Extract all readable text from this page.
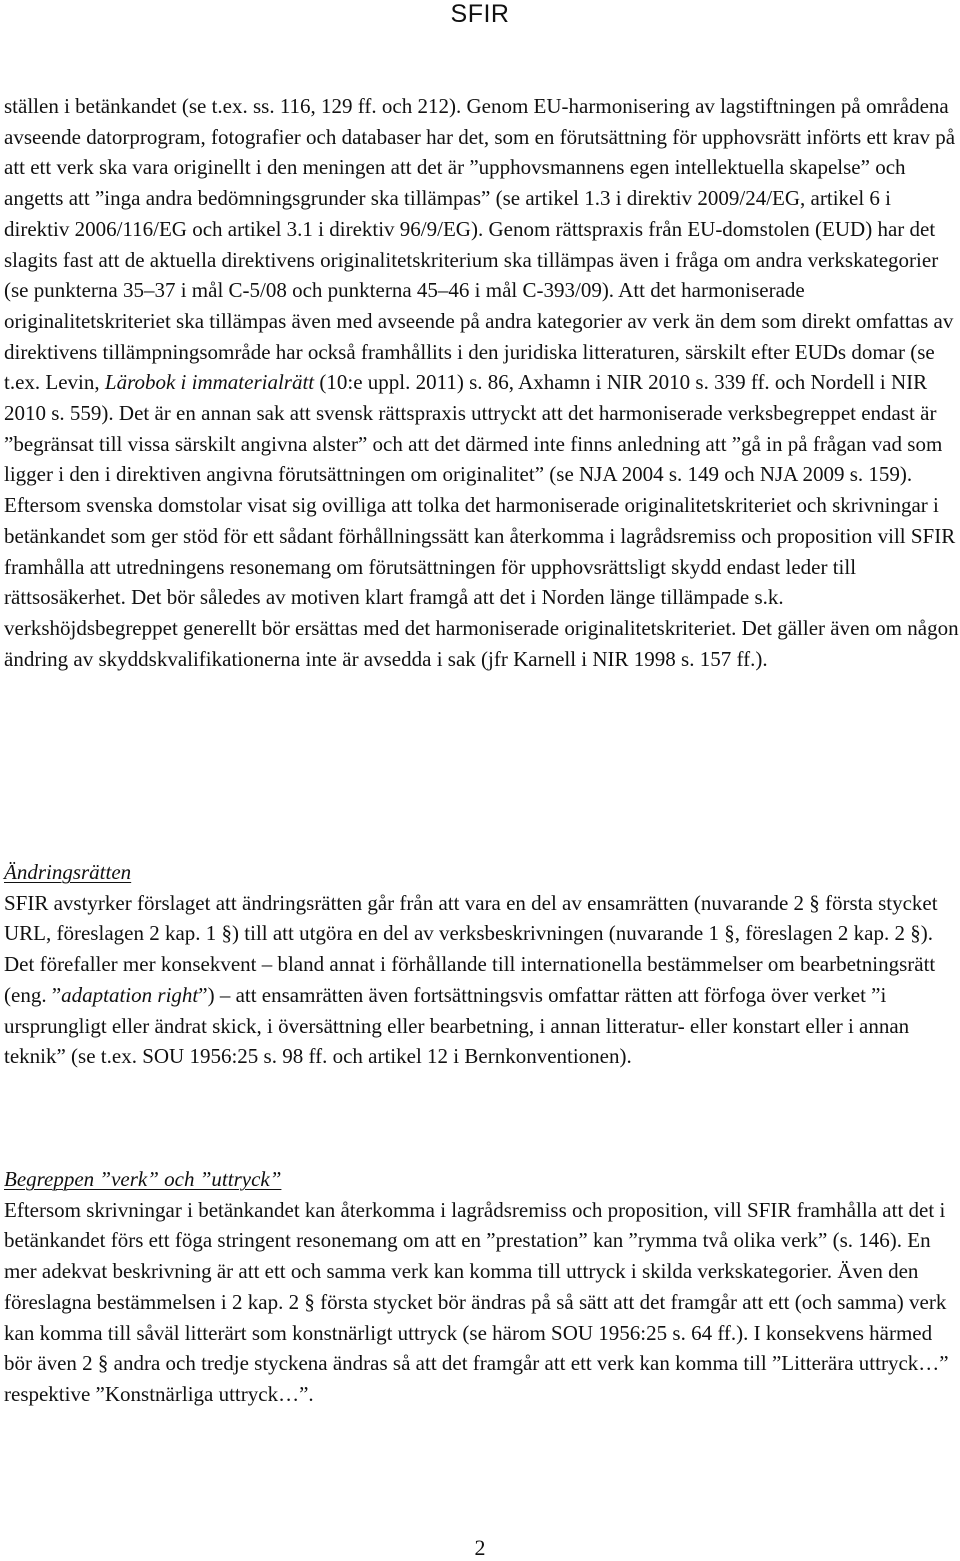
SFIR

ställen i betänkandet (se t.ex. ss. 116, 129 ff. och 212). Genom EU-harmonisering av lagstiftningen på områdena avseende datorprogram, fotografier och databaser har det, som en förutsättning för upphovsrätt införts ett krav på att ett verk ska vara originellt i den meningen att det är ”upphovsmannens egen intellektuella skapelse” och angetts att ”inga andra bedömningsgrunder ska tillämpas” (se artikel 1.3 i direktiv 2009/24/EG, artikel 6 i direktiv 2006/116/EG och artikel 3.1 i direktiv 96/9/EG). Genom rättspraxis från EU-domstolen (EUD) har det slagits fast att de aktuella direktivens originalitetskriterium ska tillämpas även i fråga om andra verkskategorier (se punkterna 35–37 i mål C-5/08 och punkterna 45–46 i mål C-393/09). Att det harmoniserade originalitetskriteriet ska tillämpas även med avseende på andra kategorier av verk än dem som direkt omfattas av direktivens tillämpningsområde har också framhållits i den juridiska litteraturen, särskilt efter EUDs domar (se t.ex. Levin, Lärobok i immaterialrätt (10:e uppl. 2011) s. 86, Axhamn i NIR 2010 s. 339 ff. och Nordell i NIR 2010 s. 559). Det är en annan sak att svensk rättspraxis uttryckt att det harmoniserade verksbegreppet endast är ”begränsat till vissa särskilt angivna alster” och att det därmed inte finns anledning att ”gå in på frågan vad som ligger i den i direktiven angivna förutsättningen om originalitet” (se NJA 2004 s. 149 och NJA 2009 s. 159). Eftersom svenska domstolar visat sig ovilliga att tolka det harmoniserade originalitetskriteriet och skrivningar i betänkandet som ger stöd för ett sådant förhållningssätt kan återkomma i lagrådsremiss och proposition vill SFIR framhålla att utredningens resonemang om förutsättningen för upphovsrättsligt skydd endast leder till rättsosäkerhet. Det bör således av motiven klart framgå att det i Norden länge tillämpade s.k. verkshöjdsbegreppet generellt bör ersättas med det harmoniserade originalitetskriteriet. Det gäller även om någon ändring av skyddskvalifikationerna inte är avsedda i sak (jfr Karnell i NIR 1998 s. 157 ff.).

Ändringsrätten

SFIR avstyrker förslaget att ändringsrätten går från att vara en del av ensamrätten (nuvarande 2 § första stycket URL, föreslagen 2 kap. 1 §) till att utgöra en del av verksbeskrivningen (nuvarande 1 §, föreslagen 2 kap. 2 §). Det förefaller mer konsekvent – bland annat i förhållande till internationella bestämmelser om bearbetningsrätt (eng. ”adaptation right”) – att ensamrätten även fortsättningsvis omfattar rätten att förfoga över verket ”i ursprungligt eller ändrat skick, i översättning eller bearbetning, i annan litteratur- eller konstart eller i annan teknik” (se t.ex. SOU 1956:25 s. 98 ff. och artikel 12 i Bernkonventionen).

Begreppen ”verk” och ”uttryck”

Eftersom skrivningar i betänkandet kan återkomma i lagrådsremiss och proposition, vill SFIR framhålla att det i betänkandet förs ett föga stringent resonemang om att en ”prestation” kan ”rymma två olika verk” (s. 146). En mer adekvat beskrivning är att ett och samma verk kan komma till uttryck i skilda verkskategorier. Även den föreslagna bestämmelsen i 2 kap. 2 § första stycket bör ändras på så sätt att det framgår att ett (och samma) verk kan komma till såväl litterärt som konstnärligt uttryck (se härom SOU 1956:25 s. 64 ff.). I konsekvens härmed bör även 2 § andra och tredje styckena ändras så att det framgår att ett verk kan komma till ”Litterära uttryck…” respektive ”Konstnärliga uttryck…”.

2
